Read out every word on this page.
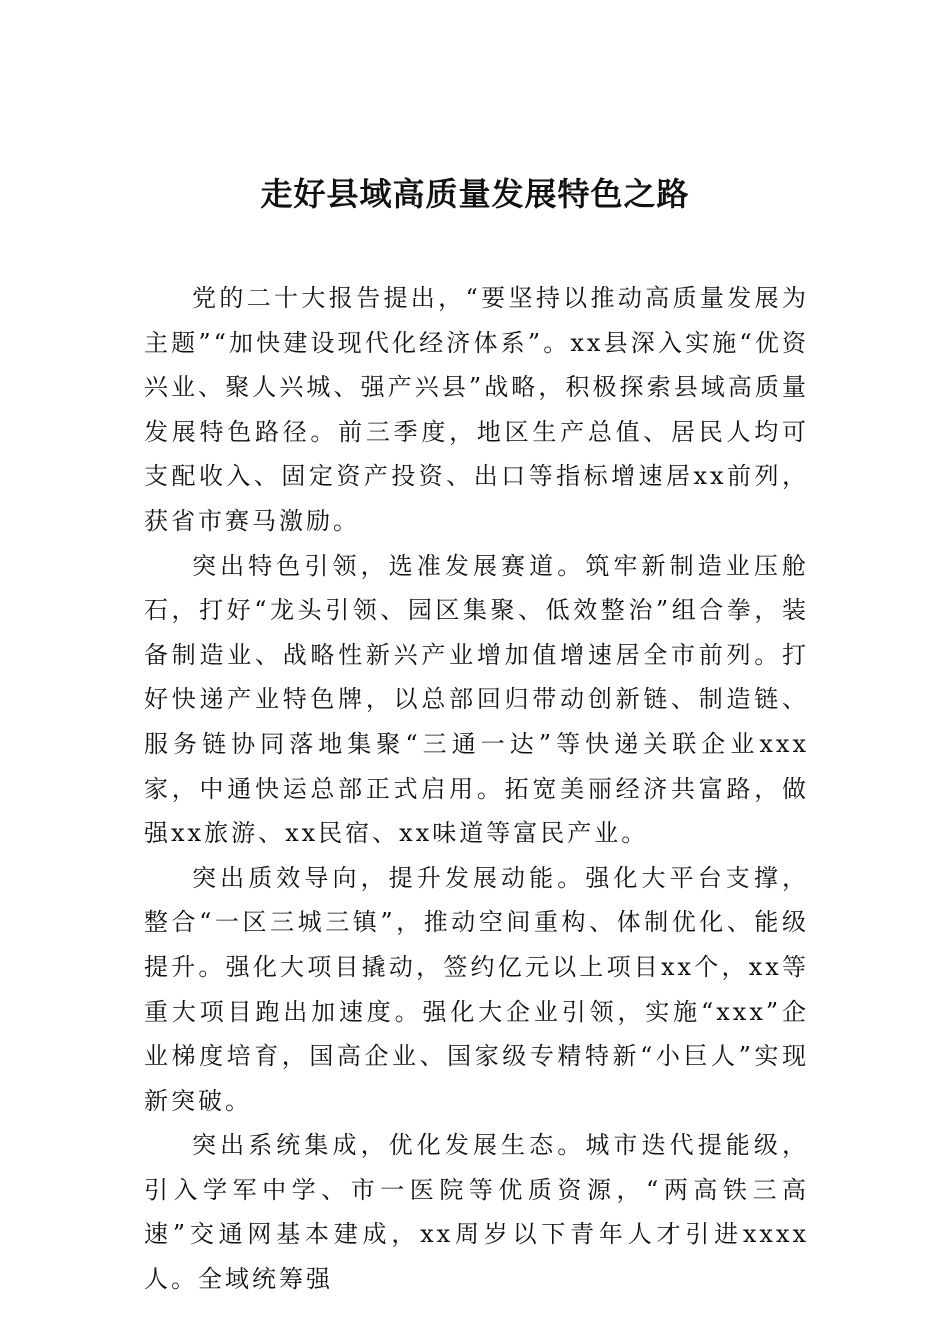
走好县域高质量发展特色之路

党的二十大报告提出，“要坚持以推动高质量发展为主题”“加快建设现代化经济体系”。xx县深入实施“优资兴业、聚人兴城、强产兴县”战略，积极探索县域高质量发展特色路径。前三季度，地区生产总值、居民人均可支配收入、固定资产投资、出口等指标增速居xx前列，获省市赛马激励。

突出特色引领，选准发展赛道。筑牢新制造业压舱石，打好“龙头引领、园区集聚、低效整治”组合拳，装备制造业、战略性新兴产业增加值增速居全市前列。打好快递产业特色牌，以总部回归带动创新链、制造链、服务链协同落地集聚“三通一达”等快递关联企业xxx家，中通快运总部正式启用。拓宽美丽经济共富路，做强xx旅游、xx民宿、xx味道等富民产业。

突出质效导向，提升发展动能。强化大平台支撑，整合“一区三城三镇”，推动空间重构、体制优化、能级提升。强化大项目撬动，签约亿元以上项目xx个，xx等重大项目跑出加速度。强化大企业引领，实施“xxx”企业梯度培育，国高企业、国家级专精特新“小巨人”实现新突破。

突出系统集成，优化发展生态。城市迭代提能级，引入学军中学、市一医院等优质资源，“两高铁三高速”交通网基本建成，xx周岁以下青年人才引进xxxx人。全域统筹强
